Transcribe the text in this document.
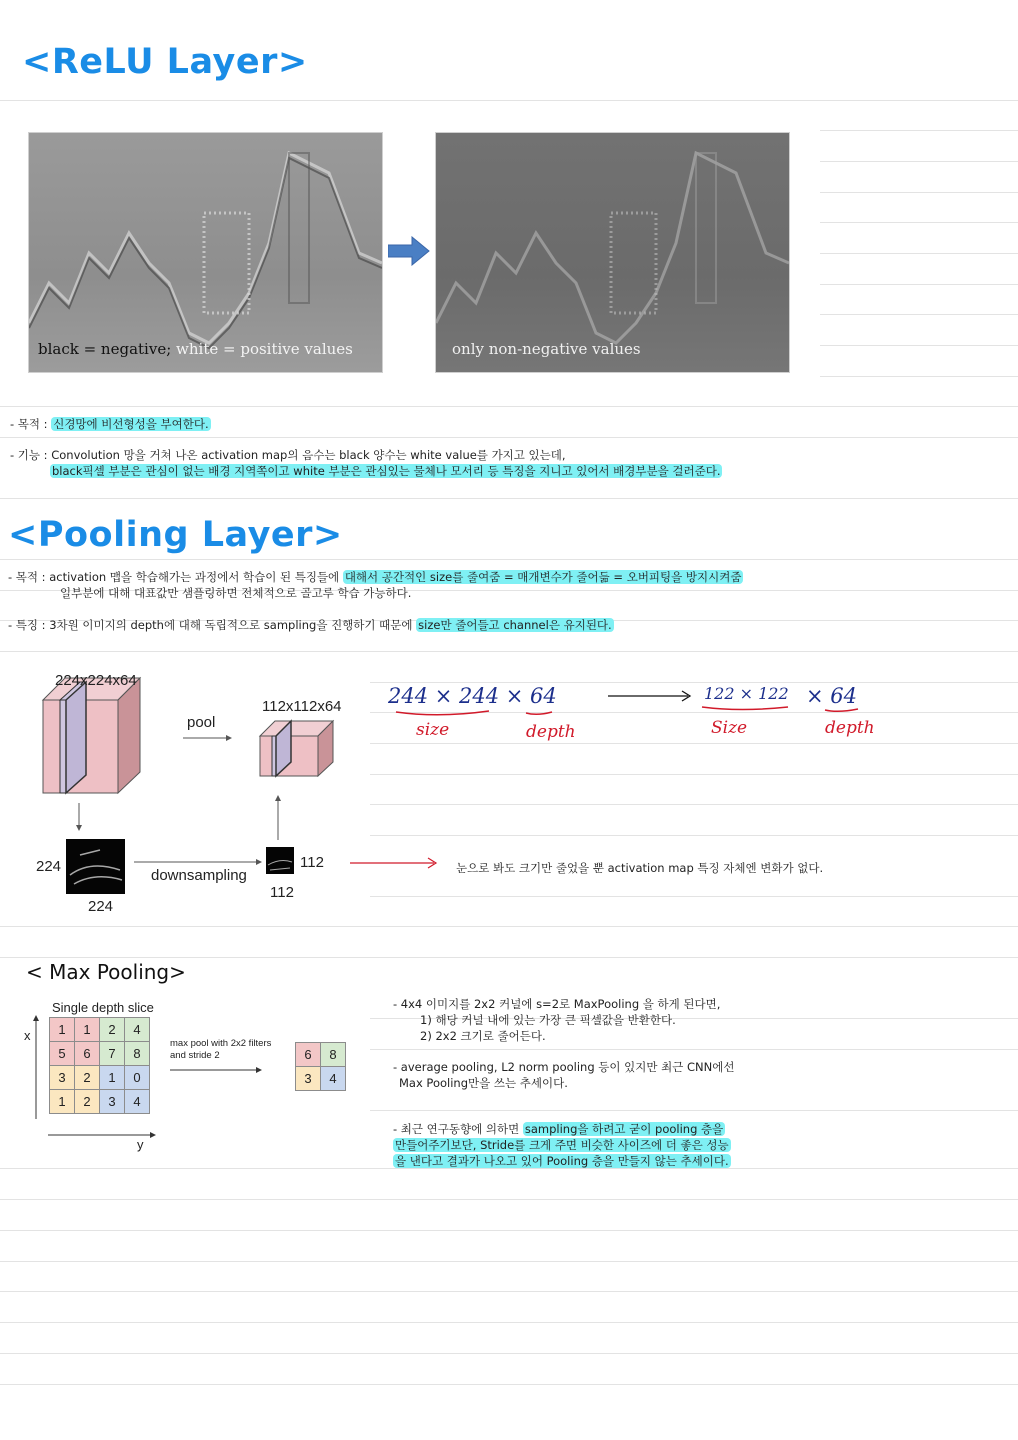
<ReLU Layer>
black = negative; white = positive values	only non-negative values
- 목적 : 신경망에 비선형성을 부여한다.
- 기능 : Convolution 망을 거쳐 나온 activation map의 음수는 black 양수는 white value를 가지고 있는데,
black픽셀 부분은 관심이 없는 배경 지역쪽이고 white 부분은 관심있는 물체나 모서리 등 특징을 지니고 있어서 배경부분을 걸러준다.
<Pooling Layer>
- 목적 : activation 맵을 학습해가는 과정에서 학습이 된 특징들에 대해서 공간적인 size를 줄여줌 = 매개변수가 줄어듦 = 오버피팅을 방지시켜줌
일부분에 대해 대표값만 샘플링하면 전체적으로 골고루 학습 가능하다.
- 특징 : 3차원 이미지의 depth에 대해 독립적으로 sampling을 진행하기 때문에 size만 줄어들고 channel은 유지된다.
224x224x64
112x112x64
pool
downsampling
224
224
112
112
244 × 244 × 64
size	depth
122 × 122 × 64
Size	depth
눈으로 봐도 크기만 줄었을 뿐 activation map 특징 자체엔 변화가 없다.
< Max Pooling>
Single depth slice
x
y
1	1	2	4
5	6	7	8
3	2	1	0
1	2	3	4
max pool with 2x2 filters
and stride 2	6	8
3	4
- 4x4 이미지를 2x2 커널에 s=2로 MaxPooling 을 하게 된다면,
1) 해당 커널 내에 있는 가장 큰 픽셀값을 반환한다.
2) 2x2 크기로 줄어든다.
- average pooling, L2 norm pooling 등이 있지만 최근 CNN에선
Max Pooling만을 쓰는 추세이다.
- 최근 연구동향에 의하면 sampling을 하려고 굳이 pooling 층을
만들어주기보단, Stride를 크게 주면 비슷한 사이즈에 더 좋은 성능
을 낸다고 결과가 나오고 있어 Pooling 층을 만들지 않는 추세이다.
